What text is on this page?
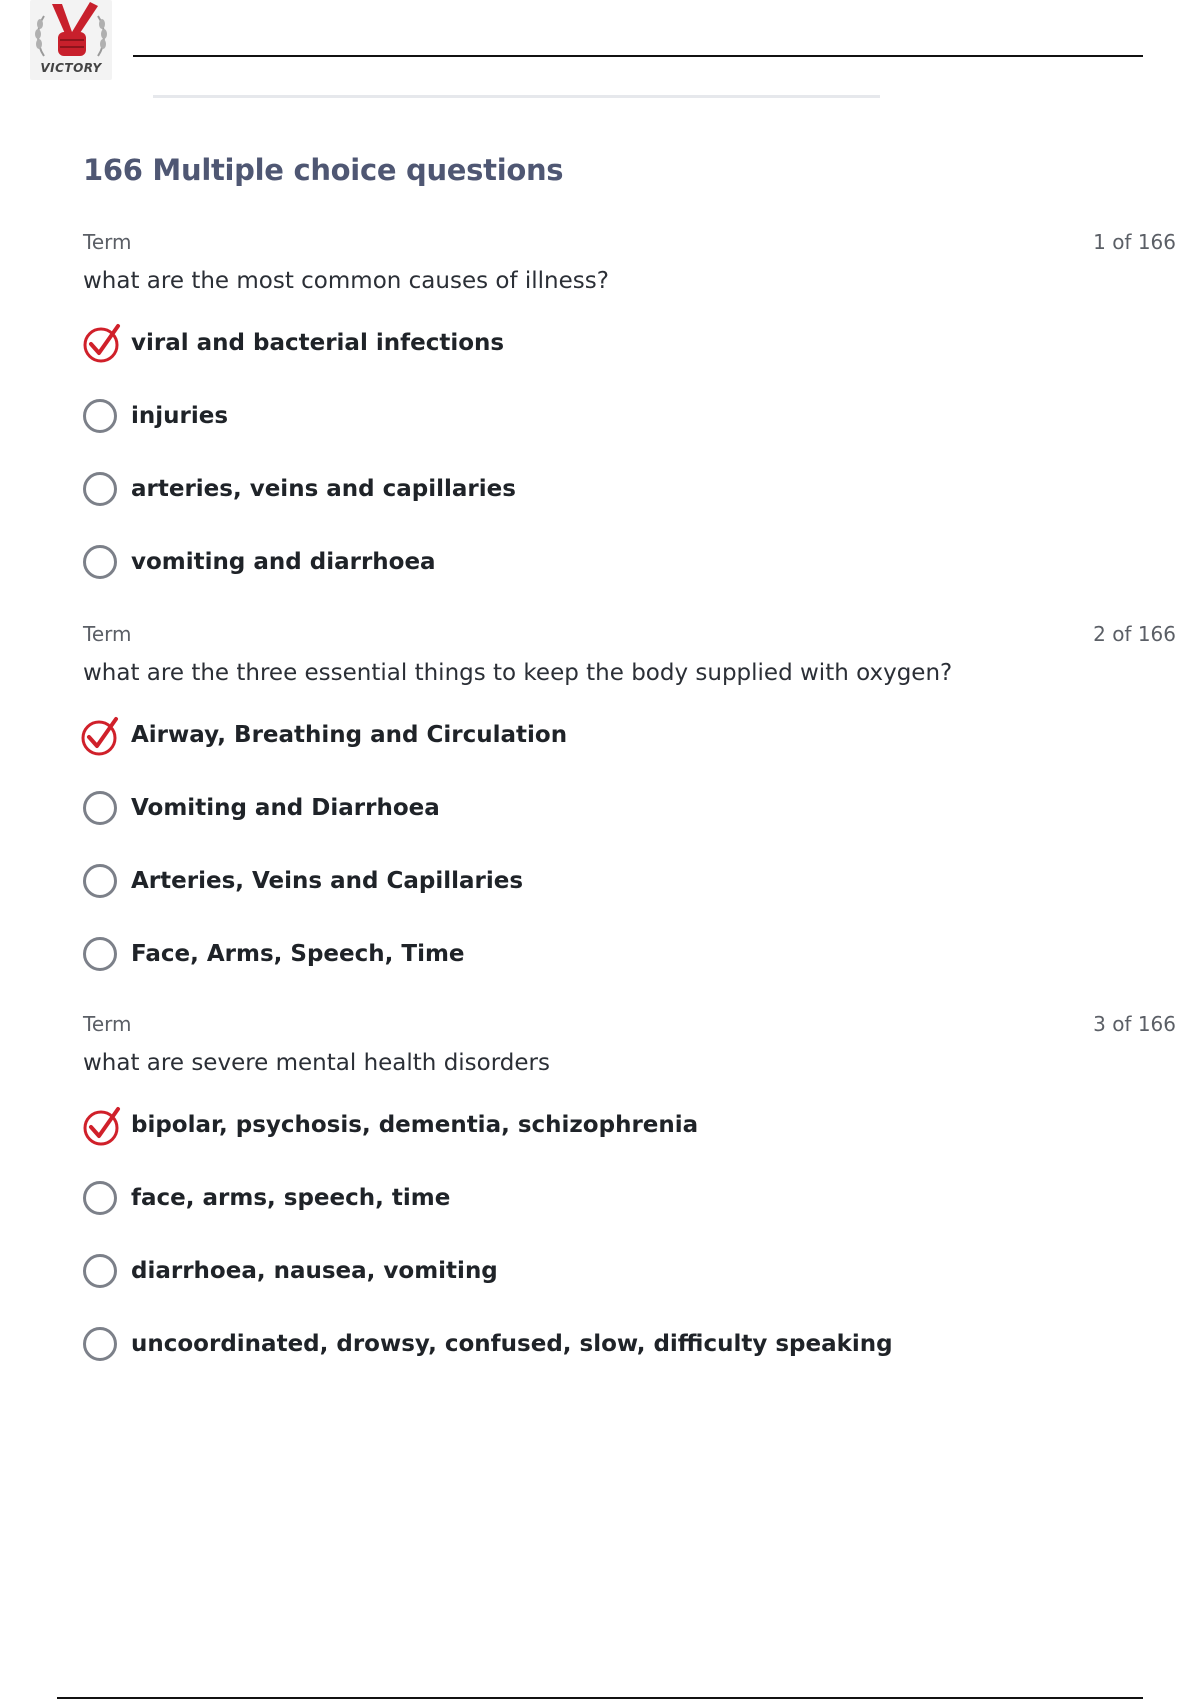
VICTORY
166 Multiple choice questions
Term	1 of 166
what are the most common causes of illness?
viral and bacterial infections
injuries
arteries, veins and capillaries
vomiting and diarrhoea
Term	2 of 166
what are the three essential things to keep the body supplied with oxygen?
Airway, Breathing and Circulation
Vomiting and Diarrhoea
Arteries, Veins and Capillaries
Face, Arms, Speech, Time
Term	3 of 166
what are severe mental health disorders
bipolar, psychosis, dementia, schizophrenia
face, arms, speech, time
diarrhoea, nausea, vomiting
uncoordinated, drowsy, confused, slow, difficulty speaking
